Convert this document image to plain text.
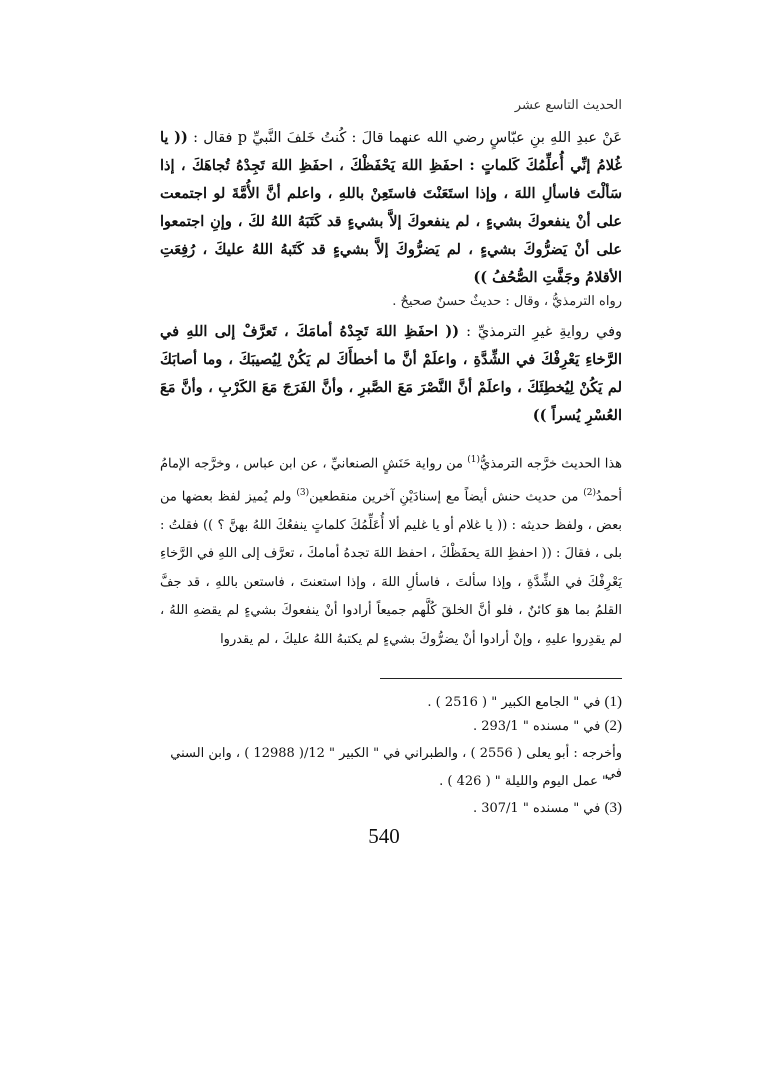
الحديث التاسع عشر
عَنْ عبدِ اللهِ بنِ عبّاسٍ رضي الله عنهما قالَ : كُنتُ خَلفَ النَّبيِّ p فقال : (( يا غُلامُ إنِّي أُعلِّمُكَ كَلماتٍ : احفَظِ اللهَ يَحْفَظْكَ ، احفَظِ اللهَ تَجِدْهُ تُجاهَكَ ، إذا سَألْتَ فاسألِ اللهَ ، وإذا استَعَنْتَ فاستَعِنْ باللهِ ، واعلم أنَّ الأُمَّةَ لو اجتمعت على أنْ ينفعوكَ بشيءٍ ، لم ينفعوكَ إلاَّ بشيءٍ قد كَتَبَهُ اللهُ لكَ ، وإنِ اجتمعوا على أنْ يَضرُّوكَ بشيءٍ ، لم يَضرُّوكَ إلاَّ بشيءٍ قد كَتَبهُ اللهُ عليكَ ، رُفِعَتِ الأقلامُ وجَفَّتِ الصُّحُفُ ))
رواه الترمذيُّ ، وقال : حديثٌ حسنٌ صحيحٌ .
وفي روايةِ غيرِ الترمذيِّ : (( احفَظِ اللهَ تَجِدْهُ أمامَكَ ، تَعرَّفْ إلى اللهِ في الرَّخاءِ يَعْرِفْكَ في الشِّدَّةِ ، واعلَمْ أنَّ ما أخطأَكَ لم يَكُنْ لِيُصيبَكَ ، وما أصابَكَ لم يَكُنْ لِيُخطِئَكَ ، واعلَمْ أنَّ النَّصْرَ مَعَ الصَّبرِ ، وأنَّ الفَرَجَ مَعَ الكَرْبِ ، وأنَّ مَعَ العُسْرِ يُسراً ))
هذا الحديث خرَّجه الترمذيُّ$^{(1)}$ من رواية حَنَشٍ الصنعانيِّ ، عن ابن عباس ، وخرَّجه الإمامُ أحمدُ$^{(2)}$ من حديث حنش أيضاً مع إسنادَيْنِ آخرين منقطعين$^{(3)}$ ولم يُميز لفظ بعضها من بعض ، ولفظ حديثه : (( يا غلام أو يا غليم ألا أُعَلِّمُكَ كلماتٍ ينفعُكَ اللهُ بهنَّ ؟ )) فقلتُ : بلى ، فقالَ : (( احفظِ اللهَ يحفَظْكَ ، احفظ اللهَ تجدهُ أمامكَ ، تعرَّف إلى اللهِ في الرَّخاءِ يَعْرِفْكَ في الشِّدَّةِ ، وإذا سألتَ ، فاسألِ اللهَ ، وإذا استعنتَ ، فاستعن باللهِ ، قد جفَّ القلمُ بما هوَ كائنٌ ، فلو أنَّ الخلقَ كُلَّهم جميعاً أرادوا أنْ ينفعوكَ بشيءٍ لم يقضهِ اللهُ ، لم يقدِروا عليهِ ، وإنْ أرادوا أنْ يضرُّوكَ بشيءٍ لم يكتبهُ اللهُ عليكَ ، لم يقدروا
(1) في " الجامع الكبير " ( 2516 ) .
(2) في " مسنده " 293/1 .
وأخرجه : أبو يعلى ( 2556 ) ، والطبراني في " الكبير " 12/( 12988 ) ، وابن السني في
" عمل اليوم والليلة " ( 426 ) .
(3) في " مسنده " 307/1 .
540
